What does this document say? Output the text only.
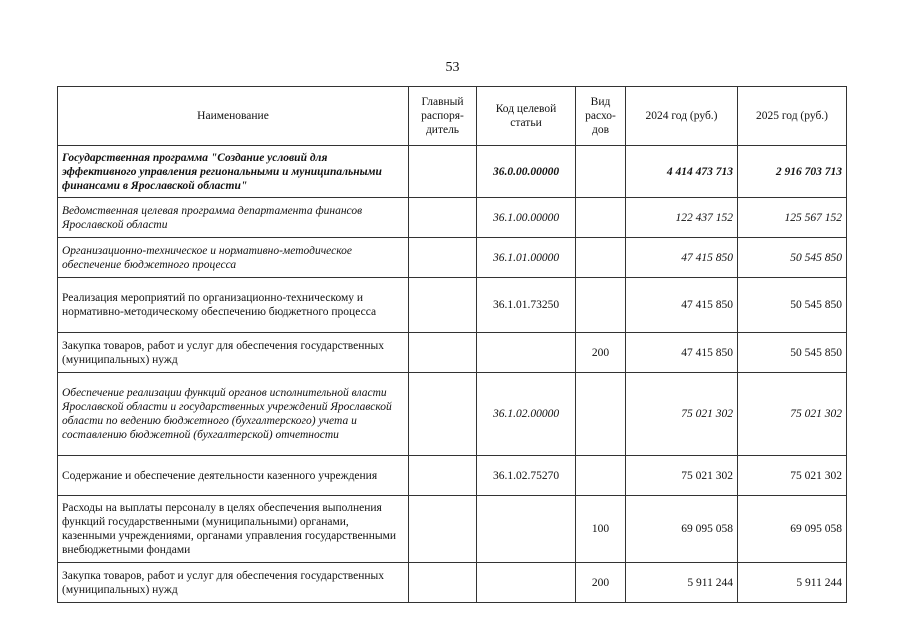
53
Наименование	Главный распоря-дитель	Код целевой статьи	Вид расхо-дов	2024 год (руб.)	2025 год (руб.)
Государственная программа "Создание условий для эффективного управления региональными и муниципальными финансами в Ярославской области"		36.0.00.00000		4 414 473 713	2 916 703 713
Ведомственная целевая программа департамента финансов Ярославской области		36.1.00.00000		122 437 152	125 567 152
Организационно-техническое и нормативно-методическое обеспечение бюджетного процесса		36.1.01.00000		47 415 850	50 545 850
Реализация мероприятий по организационно-техническому и нормативно-методическому обеспечению бюджетного процесса		36.1.01.73250		47 415 850	50 545 850
Закупка товаров, работ и услуг для обеспечения государственных (муниципальных) нужд			200	47 415 850	50 545 850
Обеспечение реализации функций органов исполнительной власти Ярославской области и государственных учреждений Ярославской области по ведению бюджетного (бухгалтерского) учета и составлению бюджетной (бухгалтерской) отчетности		36.1.02.00000		75 021 302	75 021 302
Содержание и обеспечение деятельности казенного учреждения		36.1.02.75270		75 021 302	75 021 302
Расходы на выплаты персоналу в целях обеспечения выполнения функций государственными (муниципальными) органами, казенными учреждениями, органами управления государственными внебюджетными фондами			100	69 095 058	69 095 058
Закупка товаров, работ и услуг для обеспечения государственных (муниципальных) нужд			200	5 911 244	5 911 244
